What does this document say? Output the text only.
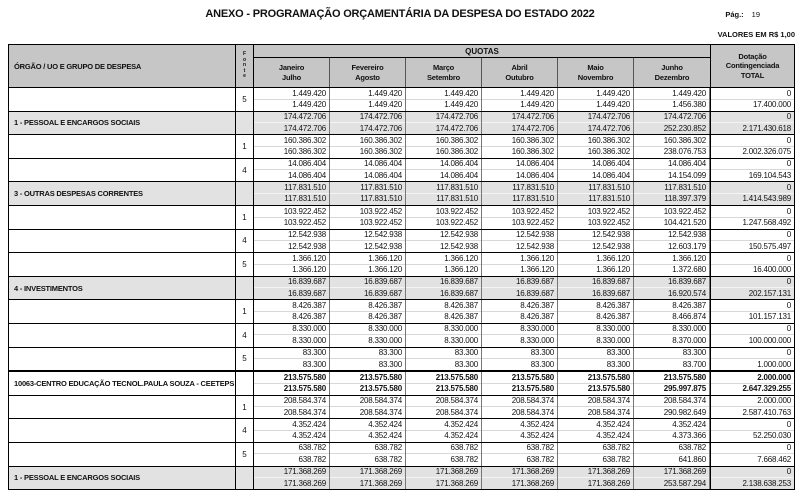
ANEXO - PROGRAMAÇÃO ORÇAMENTÁRIA DA DESPESA DO ESTADO 2022	Pág.: 19
VALORES EM R$ 1,00
ÓRGÃO / UO E GRUPO DE DESPESA
F
o
n
t
e
QUOTAS
Janeiro
Julho
Fevereiro
Agosto
Março
Setembro
Abril
Outubro
Maio
Novembro
Junho
Dezembro
Dotação
Contingenciada
TOTAL
5
1.449.420
1.449.420
1.449.420
1.449.420
1.449.420
1.449.420
1.449.420
1.449.420
1.449.420
1.449.420
1.449.420
1.456.380
0
17.400.000
1 - PESSOAL E ENCARGOS SOCIAIS
174.472.706
174.472.706
174.472.706
174.472.706
174.472.706
174.472.706
174.472.706
174.472.706
174.472.706
174.472.706
174.472.706
252.230.852
0
2.171.430.618
1
160.386.302
160.386.302
160.386.302
160.386.302
160.386.302
160.386.302
160.386.302
160.386.302
160.386.302
160.386.302
160.386.302
238.076.753
0
2.002.326.075
4
14.086.404
14.086.404
14.086.404
14.086.404
14.086.404
14.086.404
14.086.404
14.086.404
14.086.404
14.086.404
14.086.404
14.154.099
0
169.104.543
3 - OUTRAS DESPESAS CORRENTES
117.831.510
117.831.510
117.831.510
117.831.510
117.831.510
117.831.510
117.831.510
117.831.510
117.831.510
117.831.510
117.831.510
118.397.379
0
1.414.543.989
1
103.922.452
103.922.452
103.922.452
103.922.452
103.922.452
103.922.452
103.922.452
103.922.452
103.922.452
103.922.452
103.922.452
104.421.520
0
1.247.568.492
4
12.542.938
12.542.938
12.542.938
12.542.938
12.542.938
12.542.938
12.542.938
12.542.938
12.542.938
12.542.938
12.542.938
12.603.179
0
150.575.497
5
1.366.120
1.366.120
1.366.120
1.366.120
1.366.120
1.366.120
1.366.120
1.366.120
1.366.120
1.366.120
1.366.120
1.372.680
0
16.400.000
4 - INVESTIMENTOS
16.839.687
16.839.687
16.839.687
16.839.687
16.839.687
16.839.687
16.839.687
16.839.687
16.839.687
16.839.687
16.839.687
16.920.574
0
202.157.131
1
8.426.387
8.426.387
8.426.387
8.426.387
8.426.387
8.426.387
8.426.387
8.426.387
8.426.387
8.426.387
8.426.387
8.466.874
0
101.157.131
4
8.330.000
8.330.000
8.330.000
8.330.000
8.330.000
8.330.000
8.330.000
8.330.000
8.330.000
8.330.000
8.330.000
8.370.000
0
100.000.000
5
83.300
83.300
83.300
83.300
83.300
83.300
83.300
83.300
83.300
83.300
83.300
83.700
0
1.000.000
10063-CENTRO EDUCAÇÃO TECNOL.PAULA SOUZA - CEETEPS
213.575.580
213.575.580
213.575.580
213.575.580
213.575.580
213.575.580
213.575.580
213.575.580
213.575.580
213.575.580
213.575.580
295.997.875
2.000.000
2.647.329.255
1
208.584.374
208.584.374
208.584.374
208.584.374
208.584.374
208.584.374
208.584.374
208.584.374
208.584.374
208.584.374
208.584.374
290.982.649
2.000.000
2.587.410.763
4
4.352.424
4.352.424
4.352.424
4.352.424
4.352.424
4.352.424
4.352.424
4.352.424
4.352.424
4.352.424
4.352.424
4.373.366
0
52.250.030
5
638.782
638.782
638.782
638.782
638.782
638.782
638.782
638.782
638.782
638.782
638.782
641.860
0
7.668.462
1 - PESSOAL E ENCARGOS SOCIAIS
171.368.269
171.368.269
171.368.269
171.368.269
171.368.269
171.368.269
171.368.269
171.368.269
171.368.269
171.368.269
171.368.269
253.587.294
0
2.138.638.253
